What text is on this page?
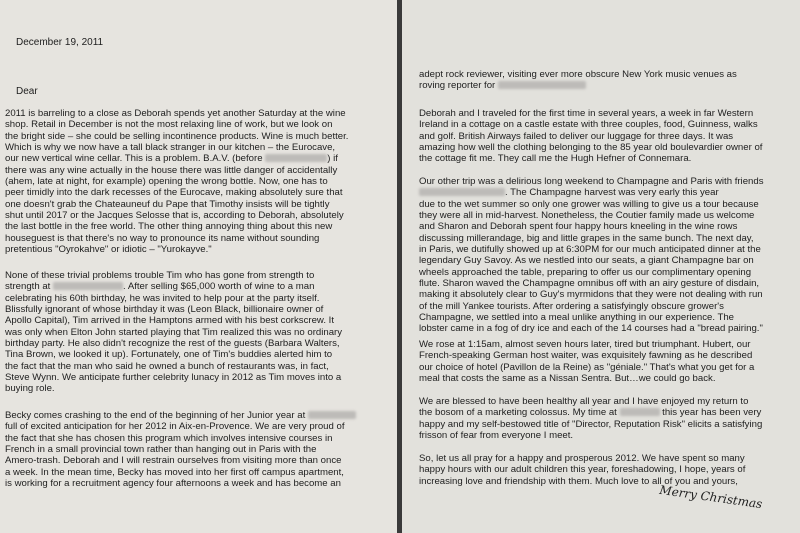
December 19, 2011
Dear
2011 is barreling to a close as Deborah spends yet another Saturday at the wine
shop. Retail in December is not the most relaxing line of work, but we look on
the bright side – she could be selling incontinence products. Wine is much better.
Which is why we now have a tall black stranger in our kitchen – the Eurocave,
our new vertical wine cellar. This is a problem. B.A.V. (before	) if
there was any wine actually in the house there was little danger of accidentally
(ahem, late at night, for example) opening the wrong bottle. Now, one has to
peer timidly into the dark recesses of the Eurocave, making absolutely sure that
one doesn't grab the Chateauneuf du Pape that Timothy insists will be tightly
shut until 2017 or the Jacques Selosse that is, according to Deborah, absolutely
the last bottle in the free world. The other thing annoying thing about this new
houseguest is that there's no way to pronounce its name without sounding
pretentious "Oyrokahve" or idiotic – "Yurokayve."
None of these trivial problems trouble Tim who has gone from strength to
strength at	. After selling $65,000 worth of wine to a man
celebrating his 60th birthday, he was invited to help pour at the party itself.
Blissfully ignorant of whose birthday it was (Leon Black, billionaire owner of
Apollo Capital), Tim arrived in the Hamptons armed with his best corkscrew. It
was only when Elton John started playing that Tim realized this was no ordinary
birthday party. He also didn't recognize the rest of the guests (Barbara Walters,
Tina Brown, we looked it up). Fortunately, one of Tim's buddies alerted him to
the fact that the man who said he owned a bunch of restaurants was, in fact,
Steve Wynn. We anticipate further celebrity lunacy in 2012 as Tim moves into a
buying role.
Becky comes crashing to the end of the beginning of her Junior year at
full of excited anticipation for her 2012 in Aix-en-Provence. We are very proud of
the fact that she has chosen this program which involves intensive courses in
French in a small provincial town rather than hanging out in Paris with the
Amero-trash. Deborah and I will restrain ourselves from visiting more than once
a week. In the mean time, Becky has moved into her first off campus apartment,
is working for a recruitment agency four afternoons a week and has become an
adept rock reviewer, visiting ever more obscure New York music venues as
roving reporter for
Deborah and I traveled for the first time in several years, a week in far Western
Ireland in a cottage on a castle estate with three couples, food, Guinness, walks
and golf. British Airways failed to deliver our luggage for three days. It was
amazing how well the clothing belonging to the 85 year old boulevardier owner of
the cottage fit me. They call me the Hugh Hefner of Connemara.
Our other trip was a delirious long weekend to Champagne and Paris with friends
. The Champagne harvest was very early this year
due to the wet summer so only one grower was willing to give us a tour because
they were all in mid-harvest. Nonetheless, the Coutier family made us welcome
and Sharon and Deborah spent four happy hours kneeling in the wine rows
discussing millerandage, big and little grapes in the same bunch. The next day,
in Paris, we dutifully showed up at 6:30PM for our much anticipated dinner at the
legendary Guy Savoy. As we nestled into our seats, a giant Champagne bar on
wheels approached the table, preparing to offer us our complimentary opening
flute. Sharon waved the Champagne omnibus off with an airy gesture of disdain,
making it absolutely clear to Guy's myrmidons that they were not dealing with run
of the mill Yankee tourists. After ordering a satisfyingly obscure grower's
Champagne, we settled into a meal unlike anything in our experience. The
lobster came in a fog of dry ice and each of the 14 courses had a "bread pairing."
We rose at 1:15am, almost seven hours later, tired but triumphant. Hubert, our
French-speaking German host waiter, was exquisitely fawning as he described
our choice of hotel (Pavillon de la Reine) as "géniale." That's what you get for a
meal that costs the same as a Nissan Sentra. But…we could go back.
We are blessed to have been healthy all year and I have enjoyed my return to
the bosom of a marketing colossus. My time at	this year has been very
happy and my self-bestowed title of "Director, Reputation Risk" elicits a satisfying
frisson of fear from everyone I meet.
So, let us all pray for a happy and prosperous 2012. We have spent so many
happy hours with our adult children this year, foreshadowing, I hope, years of
increasing love and friendship with them. Much love to all of you and yours,
Merry Christmas
